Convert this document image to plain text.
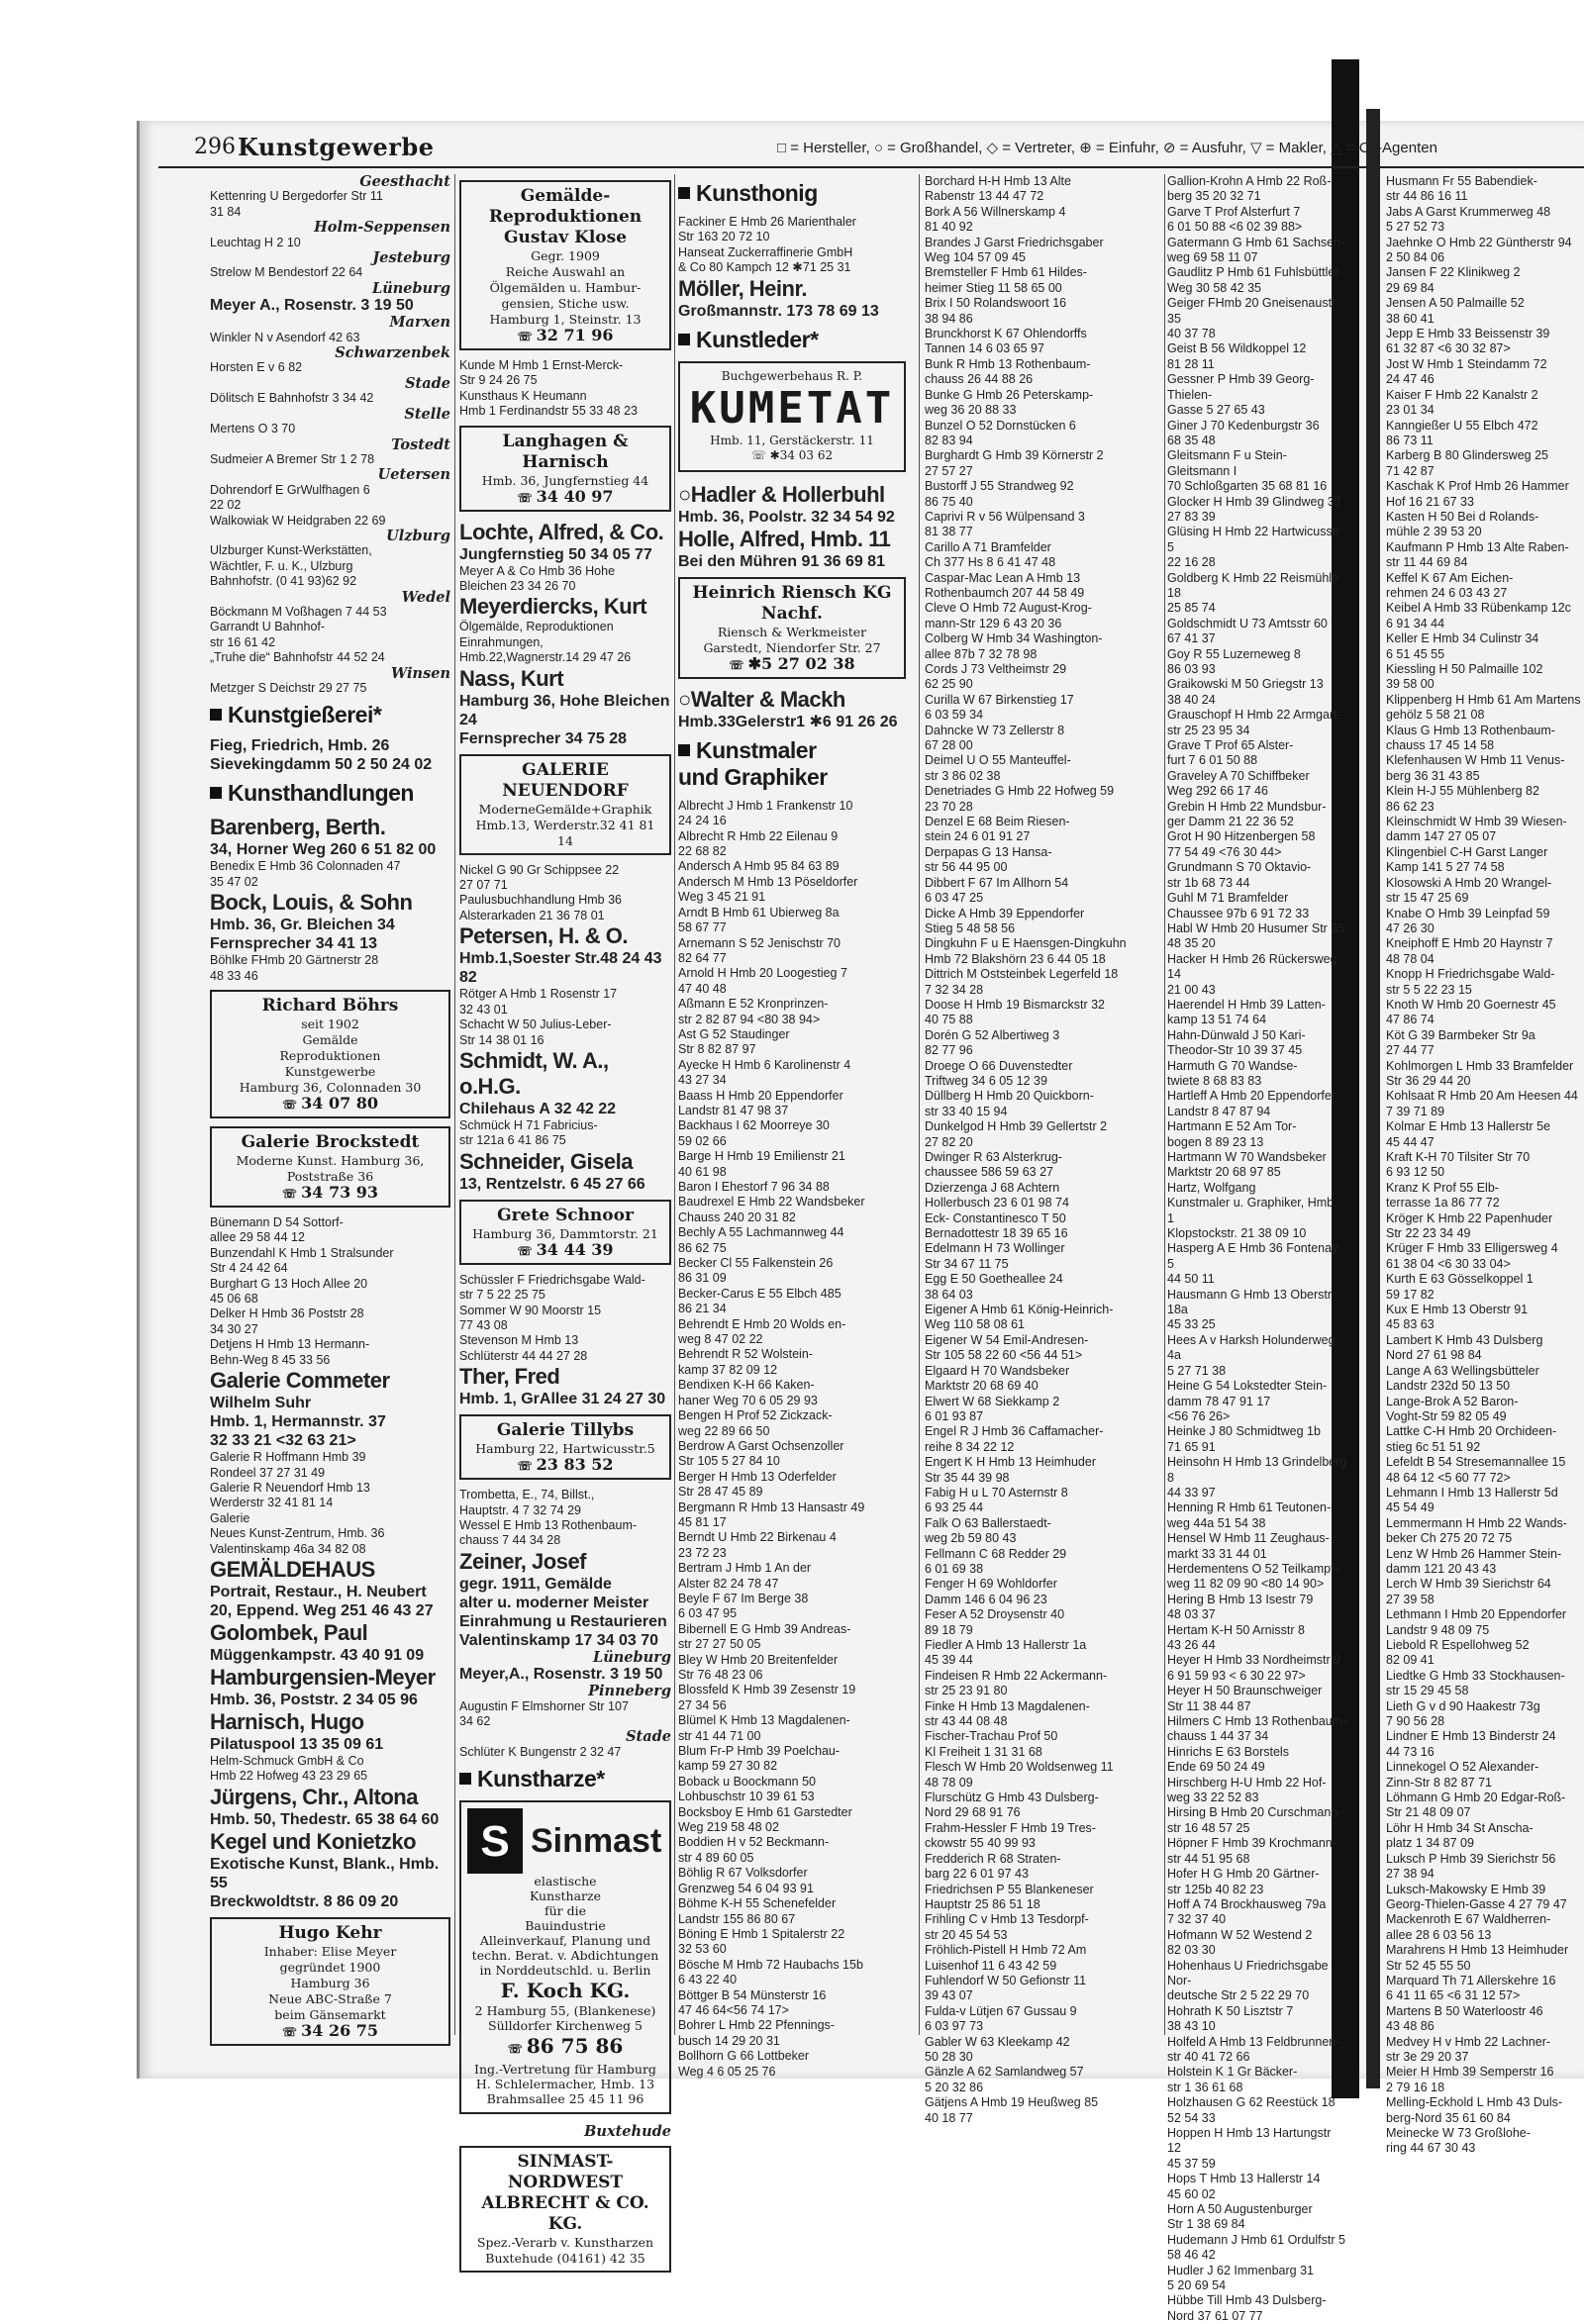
296 Kunstgewerbe	□ = Hersteller, ○ = Großhandel, ◇ = Vertreter, ⊕ = Einfuhr, ⊘ = Ausfuhr, ▽ = Makler, △ = Cif-Agenten
Geesthacht
Kettenring U Bergedorfer Str 11
31 84
Holm-Seppensen
Leuchtag H 2 10
Jesteburg
Strelow M Bendestorf 22 64
Lüneburg
Meyer A., Rosenstr. 3 19 50
Marxen
Winkler N v Asendorf 42 63
Schwarzenbek
Horsten E v 6 82
Stade
Dölitsch E Bahnhofstr 3 34 42
Stelle
Mertens O 3 70
Tostedt
Sudmeier A Bremer Str 1 2 78
Uetersen
Dohrendorf E GrWulfhagen 6
22 02
Walkowiak W Heidgraben 22 69
Ulzburg
Ulzburger Kunst-Werkstätten,
Wächtler, F. u. K., Ulzburg
Bahnhofstr. (0 41 93)62 92
Wedel
Böckmann M Voßhagen 7 44 53
Garrandt U Bahnhof-
str 16 61 42
„Truhe die“ Bahnhofstr 44 52 24
Winsen
Metzger S Deichstr 29 27 75
Kunstgießerei*
Fieg, Friedrich, Hmb. 26
Sievekingdamm 50 2 50 24 02
Kunsthandlungen
Barenberg, Berth.
34, Horner Weg 260 6 51 82 00
Benedix E Hmb 36 Colonnaden 47
35 47 02
Bock, Louis, & Sohn
Hmb. 36, Gr. Bleichen 34
Fernsprecher 34 41 13
Böhlke FHmb 20 Gärtnerstr 28
48 33 46
Richard Böhrs
seit 1902
Gemälde
Reproduktionen
Kunstgewerbe
Hamburg 36, Colonnaden 30
☏ 34 07 80
Galerie Brockstedt
Moderne Kunst. Hamburg 36,
Poststraße 36
☏ 34 73 93
Bünemann D 54 Sottorf-
allee 29 58 44 12
Bunzendahl K Hmb 1 Stralsunder
Str 4 24 42 64
Burghart G 13 Hoch Allee 20
45 06 68
Delker H Hmb 36 Poststr 28
34 30 27
Detjens H Hmb 13 Hermann-
Behn-Weg 8 45 33 56
Galerie Commeter
Wilhelm Suhr
Hmb. 1, Hermannstr. 37
32 33 21 <32 63 21>
Galerie R Hoffmann Hmb 39
Rondeel 37 27 31 49
Galerie R Neuendorf Hmb 13
Werderstr 32 41 81 14
Galerie
Neues Kunst-Zentrum, Hmb. 36
Valentinskamp 46a 34 82 08
GEMÄLDEHAUS
Portrait, Restaur., H. Neubert
20, Eppend. Weg 251 46 43 27
Golombek, Paul
Müggenkampstr. 43 40 91 09
Hamburgensien-Meyer
Hmb. 36, Poststr. 2 34 05 96
Harnisch, Hugo
Pilatuspool 13 35 09 61
Helm-Schmuck GmbH & Co
Hmb 22 Hofweg 43 23 29 65
Jürgens, Chr., Altona
Hmb. 50, Thedestr. 65 38 64 60
Kegel und Konietzko
Exotische Kunst, Blank., Hmb. 55
Breckwoldtstr. 8 86 09 20
Hugo Kehr
Inhaber: Elise Meyer
gegründet 1900
Hamburg 36
Neue ABC-Straße 7
beim Gänsemarkt
☏ 34 26 75
Gemälde-Reproduktionen
Gustav Klose
Gegr. 1909
Reiche Auswahl an
Ölgemälden u. Hambur-
gensien, Stiche usw.
Hamburg 1, Steinstr. 13
☏ 32 71 96
Kunde M Hmb 1 Ernst-Merck-
Str 9 24 26 75
Kunsthaus K Heumann
Hmb 1 Ferdinandstr 55 33 48 23
Langhagen & Harnisch
Hmb. 36, Jungfernstieg 44
☏ 34 40 97
Lochte, Alfred, & Co.
Jungfernstieg 50 34 05 77
Meyer A & Co Hmb 36 Hohe
Bleichen 23 34 26 70
Meyerdiercks, Kurt
Ölgemälde, Reproduktionen
Einrahmungen,
Hmb.22,Wagnerstr.14 29 47 26
Nass, Kurt
Hamburg 36, Hohe Bleichen 24
Fernsprecher 34 75 28
GALERIE NEUENDORF
ModerneGemälde+Graphik
Hmb.13, Werderstr.32 41 81 14
Nickel G 90 Gr Schippsee 22
27 07 71
Paulusbuchhandlung Hmb 36
Alsterarkaden 21 36 78 01
Petersen, H. & O.
Hmb.1,Soester Str.48 24 43 82
Rötger A Hmb 1 Rosenstr 17
32 43 01
Schacht W 50 Julius-Leber-
Str 14 38 01 16
Schmidt, W. A., o.H.G.
Chilehaus A 32 42 22
Schmück H 71 Fabricius-
str 121a 6 41 86 75
Schneider, Gisela
13, Rentzelstr. 6 45 27 66
Grete Schnoor
Hamburg 36, Dammtorstr. 21
☏ 34 44 39
Schüssler F Friedrichsgabe Wald-
str 7 5 22 25 75
Sommer W 90 Moorstr 15
77 43 08
Stevenson M Hmb 13
Schlüterstr 44 44 27 28
Ther, Fred
Hmb. 1, GrAllee 31 24 27 30
Galerie Tillybs
Hamburg 22, Hartwicusstr.5
☏ 23 83 52
Trombetta, E., 74, Billst.,
Hauptstr. 4 7 32 74 29
Wessel E Hmb 13 Rothenbaum-
chauss 7 44 34 28
Zeiner, Josef
gegr. 1911, Gemälde
alter u. moderner Meister
Einrahmung u Restaurieren
Valentinskamp 17 34 03 70
Lüneburg
Meyer,A., Rosenstr. 3 19 50
Pinneberg
Augustin F Elmshorner Str 107
34 62
Stade
Schlüter K Bungenstr 2 32 47
Kunstharze*
S Sinmast
elastische
Kunstharze
für die
Bauindustrie
Alleinverkauf, Planung und
techn. Berat. v. Abdichtungen
in Norddeutschld. u. Berlin
F. Koch KG.
2 Hamburg 55, (Blankenese)
Sülldorfer Kirchenweg 5
☏ 86 75 86
Ing.-Vertretung für Hamburg
H. Schlelermacher, Hmb. 13
Brahmsallee 25 45 11 96
Buxtehude
SINMAST-NORDWEST
ALBRECHT & CO. KG.
Spez.-Verarb v. Kunstharzen
Buxtehude (04161) 42 35
Kunsthonig
Fackiner E Hmb 26 Marienthaler
Str 163 20 72 10
Hanseat Zuckerraffinerie GmbH
& Co 80 Kampch 12 ✱71 25 31
Möller, Heinr.
Großmannstr. 173 78 69 13
Kunstleder*
Buchgewerbehaus R. P.
KUMETAT
Hmb. 11, Gerstäckerstr. 11
☏ ✱34 03 62
○Hadler & Hollerbuhl
Hmb. 36, Poolstr. 32 34 54 92
Holle, Alfred, Hmb. 11
Bei den Mühren 91 36 69 81
Heinrich Riensch KG Nachf.
Riensch & Werkmeister
Garstedt, Niendorfer Str. 27
☏ ✱5 27 02 38
○Walter & Mackh
Hmb.33Gelerstr1 ✱6 91 26 26
Kunstmaler
und Graphiker
Albrecht J Hmb 1 Frankenstr 10
24 24 16
Albrecht R Hmb 22 Eilenau 9
22 68 82
Andersch A Hmb 95 84 63 89
Andersch M Hmb 13 Pöseldorfer
Weg 3 45 21 91
Arndt B Hmb 61 Ubierweg 8a
58 67 77
Arnemann S 52 Jenischstr 70
82 64 77
Arnold H Hmb 20 Loogestieg 7
47 40 48
Aßmann E 52 Kronprinzen-
str 2 82 87 94 <80 38 94>
Ast G 52 Staudinger
Str 8 82 87 97
Ayecke H Hmb 6 Karolinenstr 4
43 27 34
Baass H Hmb 20 Eppendorfer
Landstr 81 47 98 37
Backhaus I 62 Moorreye 30
59 02 66
Barge H Hmb 19 Emilienstr 21
40 61 98
Baron I Ehestorf 7 96 34 88
Baudrexel E Hmb 22 Wandsbeker
Chauss 240 20 31 82
Bechly A 55 Lachmannweg 44
86 62 75
Becker Cl 55 Falkenstein 26
86 31 09
Becker-Carus E 55 Elbch 485
86 21 34
Behrendt E Hmb 20 Wolds en-
weg 8 47 02 22
Behrendt R 52 Wolstein-
kamp 37 82 09 12
Bendixen K-H 66 Kaken-
haner Weg 70 6 05 29 93
Bengen H Prof 52 Zickzack-
weg 22 89 66 50
Berdrow A Garst Ochsenzoller
Str 105 5 27 84 10
Berger H Hmb 13 Oderfelder
Str 28 47 45 89
Bergmann R Hmb 13 Hansastr 49
45 81 17
Berndt U Hmb 22 Birkenau 4
23 72 23
Bertram J Hmb 1 An der
Alster 82 24 78 47
Beyle F 67 Im Berge 38
6 03 47 95
Bibernell E G Hmb 39 Andreas-
str 27 27 50 05
Bley W Hmb 20 Breitenfelder
Str 76 48 23 06
Blossfeld K Hmb 39 Zesenstr 19
27 34 56
Blümel K Hmb 13 Magdalenen-
str 41 44 71 00
Blum Fr-P Hmb 39 Poelchau-
kamp 59 27 30 82
Boback u Boockmann 50
Lohbuschstr 10 39 61 53
Bocksboy E Hmb 61 Garstedter
Weg 219 58 48 02
Boddien H v 52 Beckmann-
str 4 89 60 05
Böhlig R 67 Volksdorfer
Grenzweg 54 6 04 93 91
Böhme K-H 55 Schenefelder
Landstr 155 86 80 67
Böning E Hmb 1 Spitalerstr 22
32 53 60
Bösche M Hmb 72 Haubachs 15b
6 43 22 40
Böttger B 54 Münsterstr 16
47 46 64<56 74 17>
Bohrer L Hmb 22 Pfennings-
busch 14 29 20 31
Bollhorn G 66 Lottbeker
Weg 4 6 05 25 76
Borchard H-H Hmb 13 Alte
Rabenstr 13 44 47 72
Bork A 56 Willnerskamp 4
81 40 92
Brandes J Garst Friedrichsgaber
Weg 104 57 09 45
Bremsteller F Hmb 61 Hildes-
heimer Stieg 11 58 65 00
Brix I 50 Rolandswoort 16
38 94 86
Brunckhorst K 67 Ohlendorffs
Tannen 14 6 03 65 97
Bunk R Hmb 13 Rothenbaum-
chauss 26 44 88 26
Bunke G Hmb 26 Peterskamp-
weg 36 20 88 33
Bunzel O 52 Dornstücken 6
82 83 94
Burghardt G Hmb 39 Körnerstr 2
27 57 27
Bustorff J 55 Strandweg 92
86 75 40
Caprivi R v 56 Wülpensand 3
81 38 77
Carillo A 71 Bramfelder
Ch 377 Hs 8 6 41 47 48
Caspar-Mac Lean A Hmb 13
Rothenbaumch 207 44 58 49
Cleve O Hmb 72 August-Krog-
mann-Str 129 6 43 20 36
Colberg W Hmb 34 Washington-
allee 87b 7 32 78 98
Cords J 73 Veltheimstr 29
62 25 90
Curilla W 67 Birkenstieg 17
6 03 59 34
Dahncke W 73 Zellerstr 8
67 28 00
Deimel U O 55 Manteuffel-
str 3 86 02 38
Denetriades G Hmb 22 Hofweg 59
23 70 28
Denzel E 68 Beim Riesen-
stein 24 6 01 91 27
Derpapas G 13 Hansa-
str 56 44 95 00
Dibbert F 67 Im Allhorn 54
6 03 47 25
Dicke A Hmb 39 Eppendorfer
Stieg 5 48 58 56
Dingkuhn F u E Haensgen-Dingkuhn
Hmb 72 Blakshörn 23 6 44 05 18
Dittrich M Oststeinbek Legerfeld 18
7 32 34 28
Doose H Hmb 19 Bismarckstr 32
40 75 88
Dorén G 52 Albertiweg 3
82 77 96
Droege O 66 Duvenstedter
Triftweg 34 6 05 12 39
Düllberg H Hmb 20 Quickborn-
str 33 40 15 94
Dunkelgod H Hmb 39 Gellertstr 2
27 82 20
Dwinger R 63 Alsterkrug-
chaussee 586 59 63 27
Dzierzenga J 68 Achtern
Hollerbusch 23 6 01 98 74
Eck- Constantinesco T 50
Bernadottestr 18 39 65 16
Edelmann H 73 Wollinger
Str 34 67 11 75
Egg E 50 Goetheallee 24
38 64 03
Eigener A Hmb 61 König-Heinrich-
Weg 110 58 08 61
Eigener W 54 Emil-Andresen-
Str 105 58 22 60 <56 44 51>
Elgaard H 70 Wandsbeker
Marktstr 20 68 69 40
Elwert W 68 Siekkamp 2
6 01 93 87
Engel R J Hmb 36 Caffamacher-
reihe 8 34 22 12
Engert K H Hmb 13 Heimhuder
Str 35 44 39 98
Fabig H u L 70 Asternstr 8
6 93 25 44
Falk O 63 Ballerstaedt-
weg 2b 59 80 43
Fellmann C 68 Redder 29
6 01 69 38
Fenger H 69 Wohldorfer
Damm 146 6 04 96 23
Feser A 52 Droysenstr 40
89 18 79
Fiedler A Hmb 13 Hallerstr 1a
45 39 44
Findeisen R Hmb 22 Ackermann-
str 25 23 91 80
Finke H Hmb 13 Magdalenen-
str 43 44 08 48
Fischer-Trachau Prof 50
Kl Freiheit 1 31 31 68
Flesch W Hmb 20 Woldsenweg 11
48 78 09
Flurschütz G Hmb 43 Dulsberg-
Nord 29 68 91 76
Frahm-Hessler F Hmb 19 Tres-
ckowstr 55 40 99 93
Fredderich R 68 Straten-
barg 22 6 01 97 43
Friedrichsen P 55 Blankeneser
Hauptstr 25 86 51 18
Frihling C v Hmb 13 Tesdorpf-
str 20 45 54 53
Fröhlich-Pistell H Hmb 72 Am
Luisenhof 11 6 43 42 59
Fuhlendorf W 50 Gefionstr 11
39 43 07
Fulda-v Lütjen 67 Gussau 9
6 03 97 73
Gabler W 63 Kleekamp 42
50 28 30
Gänzle A 62 Samlandweg 57
5 20 32 86
Gätjens A Hmb 19 Heußweg 85
40 18 77
Gallion-Krohn A Hmb 22 Roß-
berg 35 20 32 71
Garve T Prof Alsterfurt 7
6 01 50 88 <6 02 39 88>
Gatermann G Hmb 61 Sachsen-
weg 69 58 11 07
Gaudlitz P Hmb 61 Fuhlsbüttler
Weg 30 58 42 35
Geiger FHmb 20 Gneisenaustr 35
40 37 78
Geist B 56 Wildkoppel 12
81 28 11
Gessner P Hmb 39 Georg-Thielen-
Gasse 5 27 65 43
Giner J 70 Kedenburgstr 36
68 35 48
Gleitsmann F u Stein-Gleitsmann I
70 Schloßgarten 35 68 81 16
Glocker H Hmb 39 Glindweg 37
27 83 39
Glüsing H Hmb 22 Hartwicusstr 5
22 16 28
Goldberg K Hmb 22 Reismühle 18
25 85 74
Goldschmidt U 73 Amtsstr 60
67 41 37
Goy R 55 Luzerneweg 8
86 03 93
Graikowski M 50 Griegstr 13
38 40 24
Grauschopf H Hmb 22 Armgart-
str 25 23 95 34
Grave T Prof 65 Alster-
furt 7 6 01 50 88
Graveley A 70 Schiffbeker
Weg 292 66 17 46
Grebin H Hmb 22 Mundsbur-
ger Damm 21 22 36 52
Grot H 90 Hitzenbergen 58
77 54 49 <76 30 44>
Grundmann S 70 Oktavio-
str 1b 68 73 44
Guhl M 71 Bramfelder
Chaussee 97b 6 91 72 33
Habl W Hmb 20 Husumer Str 35
48 35 20
Hacker H Hmb 26 Rückersweg 14
21 00 43
Haerendel H Hmb 39 Latten-
kamp 13 51 74 64
Hahn-Dünwald J 50 Kari-
Theodor-Str 10 39 37 45
Harmuth G 70 Wandse-
twiete 8 68 83 83
Hartleff A Hmb 20 Eppendorfer
Landstr 8 47 87 94
Hartmann E 52 Am Tor-
bogen 8 89 23 13
Hartmann W 70 Wandsbeker
Marktstr 20 68 97 85
Hartz, Wolfgang
Kunstmaler u. Graphiker, Hmb. 1
Klopstockstr. 21 38 09 10
Hasperg A E Hmb 36 Fontenay 5
44 50 11
Hausmann G Hmb 13 Oberstr 18a
45 33 25
Hees A v Harksh Holunderweg 4a
5 27 71 38
Heine G 54 Lokstedter Stein-
damm 78 47 91 17
<56 76 26>
Heinke J 80 Schmidtweg 1b
71 65 91
Heinsohn H Hmb 13 Grindelberg 8
44 33 97
Henning R Hmb 61 Teutonen-
weg 44a 51 54 38
Hensel W Hmb 11 Zeughaus-
markt 33 31 44 01
Herdementens O 52 Teilkampf-
weg 11 82 09 90 <80 14 90>
Hering B Hmb 13 Isestr 79
48 03 37
Hertam K-H 50 Arnisstr 8
43 26 44
Heyer H Hmb 33 Nordheimstr 9
6 91 59 93 < 6 30 22 97>
Heyer H 50 Braunschweiger
Str 11 38 44 87
Hilmers C Hmb 13 Rothenbaum-
chauss 1 44 37 34
Hinrichs E 63 Borstels
Ende 69 50 24 49
Hirschberg H-U Hmb 22 Hof-
weg 33 22 52 83
Hirsing B Hmb 20 Curschmann-
str 16 48 57 25
Höpner F Hmb 39 Krochmann-
str 44 51 95 68
Hofer H G Hmb 20 Gärtner-
str 125b 40 82 23
Hoff A 74 Brockhausweg 79a
7 32 37 40
Hofmann W 52 Westend 2
82 03 30
Hohenhaus U Friedrichsgabe Nor-
deutsche Str 2 5 22 29 70
Hohrath K 50 Lisztstr 7
38 43 10
Holfeld A Hmb 13 Feldbrunnen-
str 40 41 72 66
Holstein K 1 Gr Bäcker-
str 1 36 61 68
Holzhausen G 62 Reestück 18
52 54 33
Hoppen H Hmb 13 Hartungstr 12
45 37 59
Hops T Hmb 13 Hallerstr 14
45 60 02
Horn A 50 Augustenburger
Str 1 38 69 84
Hudemann J Hmb 61 Ordulfstr 5
58 46 42
Hudler J 62 Immenbarg 31
5 20 69 54
Hübbe Till Hmb 43 Dulsberg-
Nord 37 61 07 77
Husmann Fr 55 Babendiek-
str 44 86 16 11
Jabs A Garst Krummerweg 48
5 27 52 73
Jaehnke O Hmb 22 Güntherstr 94
2 50 84 06
Jansen F 22 Klinikweg 2
29 69 84
Jensen A 50 Palmaille 52
38 60 41
Jepp E Hmb 33 Beissenstr 39
61 32 87 <6 30 32 87>
Jost W Hmb 1 Steindamm 72
24 47 46
Kaiser F Hmb 22 Kanalstr 2
23 01 34
Kanngießer U 55 Elbch 472
86 73 11
Karberg B 80 Glindersweg 25
71 42 87
Kaschak K Prof Hmb 26 Hammer
Hof 16 21 67 33
Kasten H 50 Bei d Rolands-
mühle 2 39 53 20
Kaufmann P Hmb 13 Alte Raben-
str 11 44 69 84
Keffel K 67 Am Eichen-
rehmen 24 6 03 43 27
Keibel A Hmb 33 Rübenkamp 12c
6 91 34 44
Keller E Hmb 34 Culinstr 34
6 51 45 55
Kiessling H 50 Palmaille 102
39 58 00
Klippenberg H Hmb 61 Am Martens
gehölz 5 58 21 08
Klaus G Hmb 13 Rothenbaum-
chauss 17 45 14 58
Klefenhausen W Hmb 11 Venus-
berg 36 31 43 85
Klein H-J 55 Mühlenberg 82
86 62 23
Kleinschmidt W Hmb 39 Wiesen-
damm 147 27 05 07
Klingenbiel C-H Garst Langer
Kamp 141 5 27 74 58
Klosowski A Hmb 20 Wrangel-
str 15 47 25 69
Knabe O Hmb 39 Leinpfad 59
47 26 30
Kneiphoff E Hmb 20 Haynstr 7
48 78 04
Knopp H Friedrichsgabe Wald-
str 5 5 22 23 15
Knoth W Hmb 20 Goernestr 45
47 86 74
Köt G 39 Barmbeker Str 9a
27 44 77
Kohlmorgen L Hmb 33 Bramfelder
Str 36 29 44 20
Kohlsaat R Hmb 20 Am Heesen 44
7 39 71 89
Kolmar E Hmb 13 Hallerstr 5e
45 44 47
Kraft K-H 70 Tilsiter Str 70
6 93 12 50
Kranz K Prof 55 Elb-
terrasse 1a 86 77 72
Kröger K Hmb 22 Papenhuder
Str 22 23 34 49
Krüger F Hmb 33 Elligersweg 4
61 38 04 <6 30 33 04>
Kurth E 63 Gösselkoppel 1
59 17 82
Kux E Hmb 13 Oberstr 91
45 83 63
Lambert K Hmb 43 Dulsberg
Nord 27 61 98 84
Lange A 63 Wellingsbütteler
Landstr 232d 50 13 50
Lange-Brok A 52 Baron-
Voght-Str 59 82 05 49
Lattke C-H Hmb 20 Orchideen-
stieg 6c 51 51 92
Lefeldt B 54 Stresemannallee 15
48 64 12 <5 60 77 72>
Lehmann I Hmb 13 Hallerstr 5d
45 54 49
Lemmermann H Hmb 22 Wands-
beker Ch 275 20 72 75
Lenz W Hmb 26 Hammer Stein-
damm 121 20 43 43
Lerch W Hmb 39 Sierichstr 64
27 39 58
Lethmann I Hmb 20 Eppendorfer
Landstr 9 48 09 75
Liebold R Espellohweg 52
82 09 41
Liedtke G Hmb 33 Stockhausen-
str 15 29 45 58
Lieth G v d 90 Haakestr 73g
7 90 56 28
Lindner E Hmb 13 Binderstr 24
44 73 16
Linnekogel O 52 Alexander-
Zinn-Str 8 82 87 71
Löhmann G Hmb 20 Edgar-Roß-
Str 21 48 09 07
Löhr H Hmb 34 St Anscha-
platz 1 34 87 09
Luksch P Hmb 39 Sierichstr 56
27 38 94
Luksch-Makowsky E Hmb 39
Georg-Thielen-Gasse 4 27 79 47
Mackenroth E 67 Waldherren-
allee 28 6 03 56 13
Marahrens H Hmb 13 Heimhuder
Str 52 45 55 50
Marquard Th 71 Allerskehre 16
6 41 11 65 <6 31 12 57>
Martens B 50 Waterloostr 46
43 48 86
Medvey H v Hmb 22 Lachner-
str 3e 29 20 37
Meier H Hmb 39 Semperstr 16
2 79 16 18
Melling-Eckhold L Hmb 43 Duls-
berg-Nord 35 61 60 84
Meinecke W 73 Großlohe-
ring 44 67 30 43
